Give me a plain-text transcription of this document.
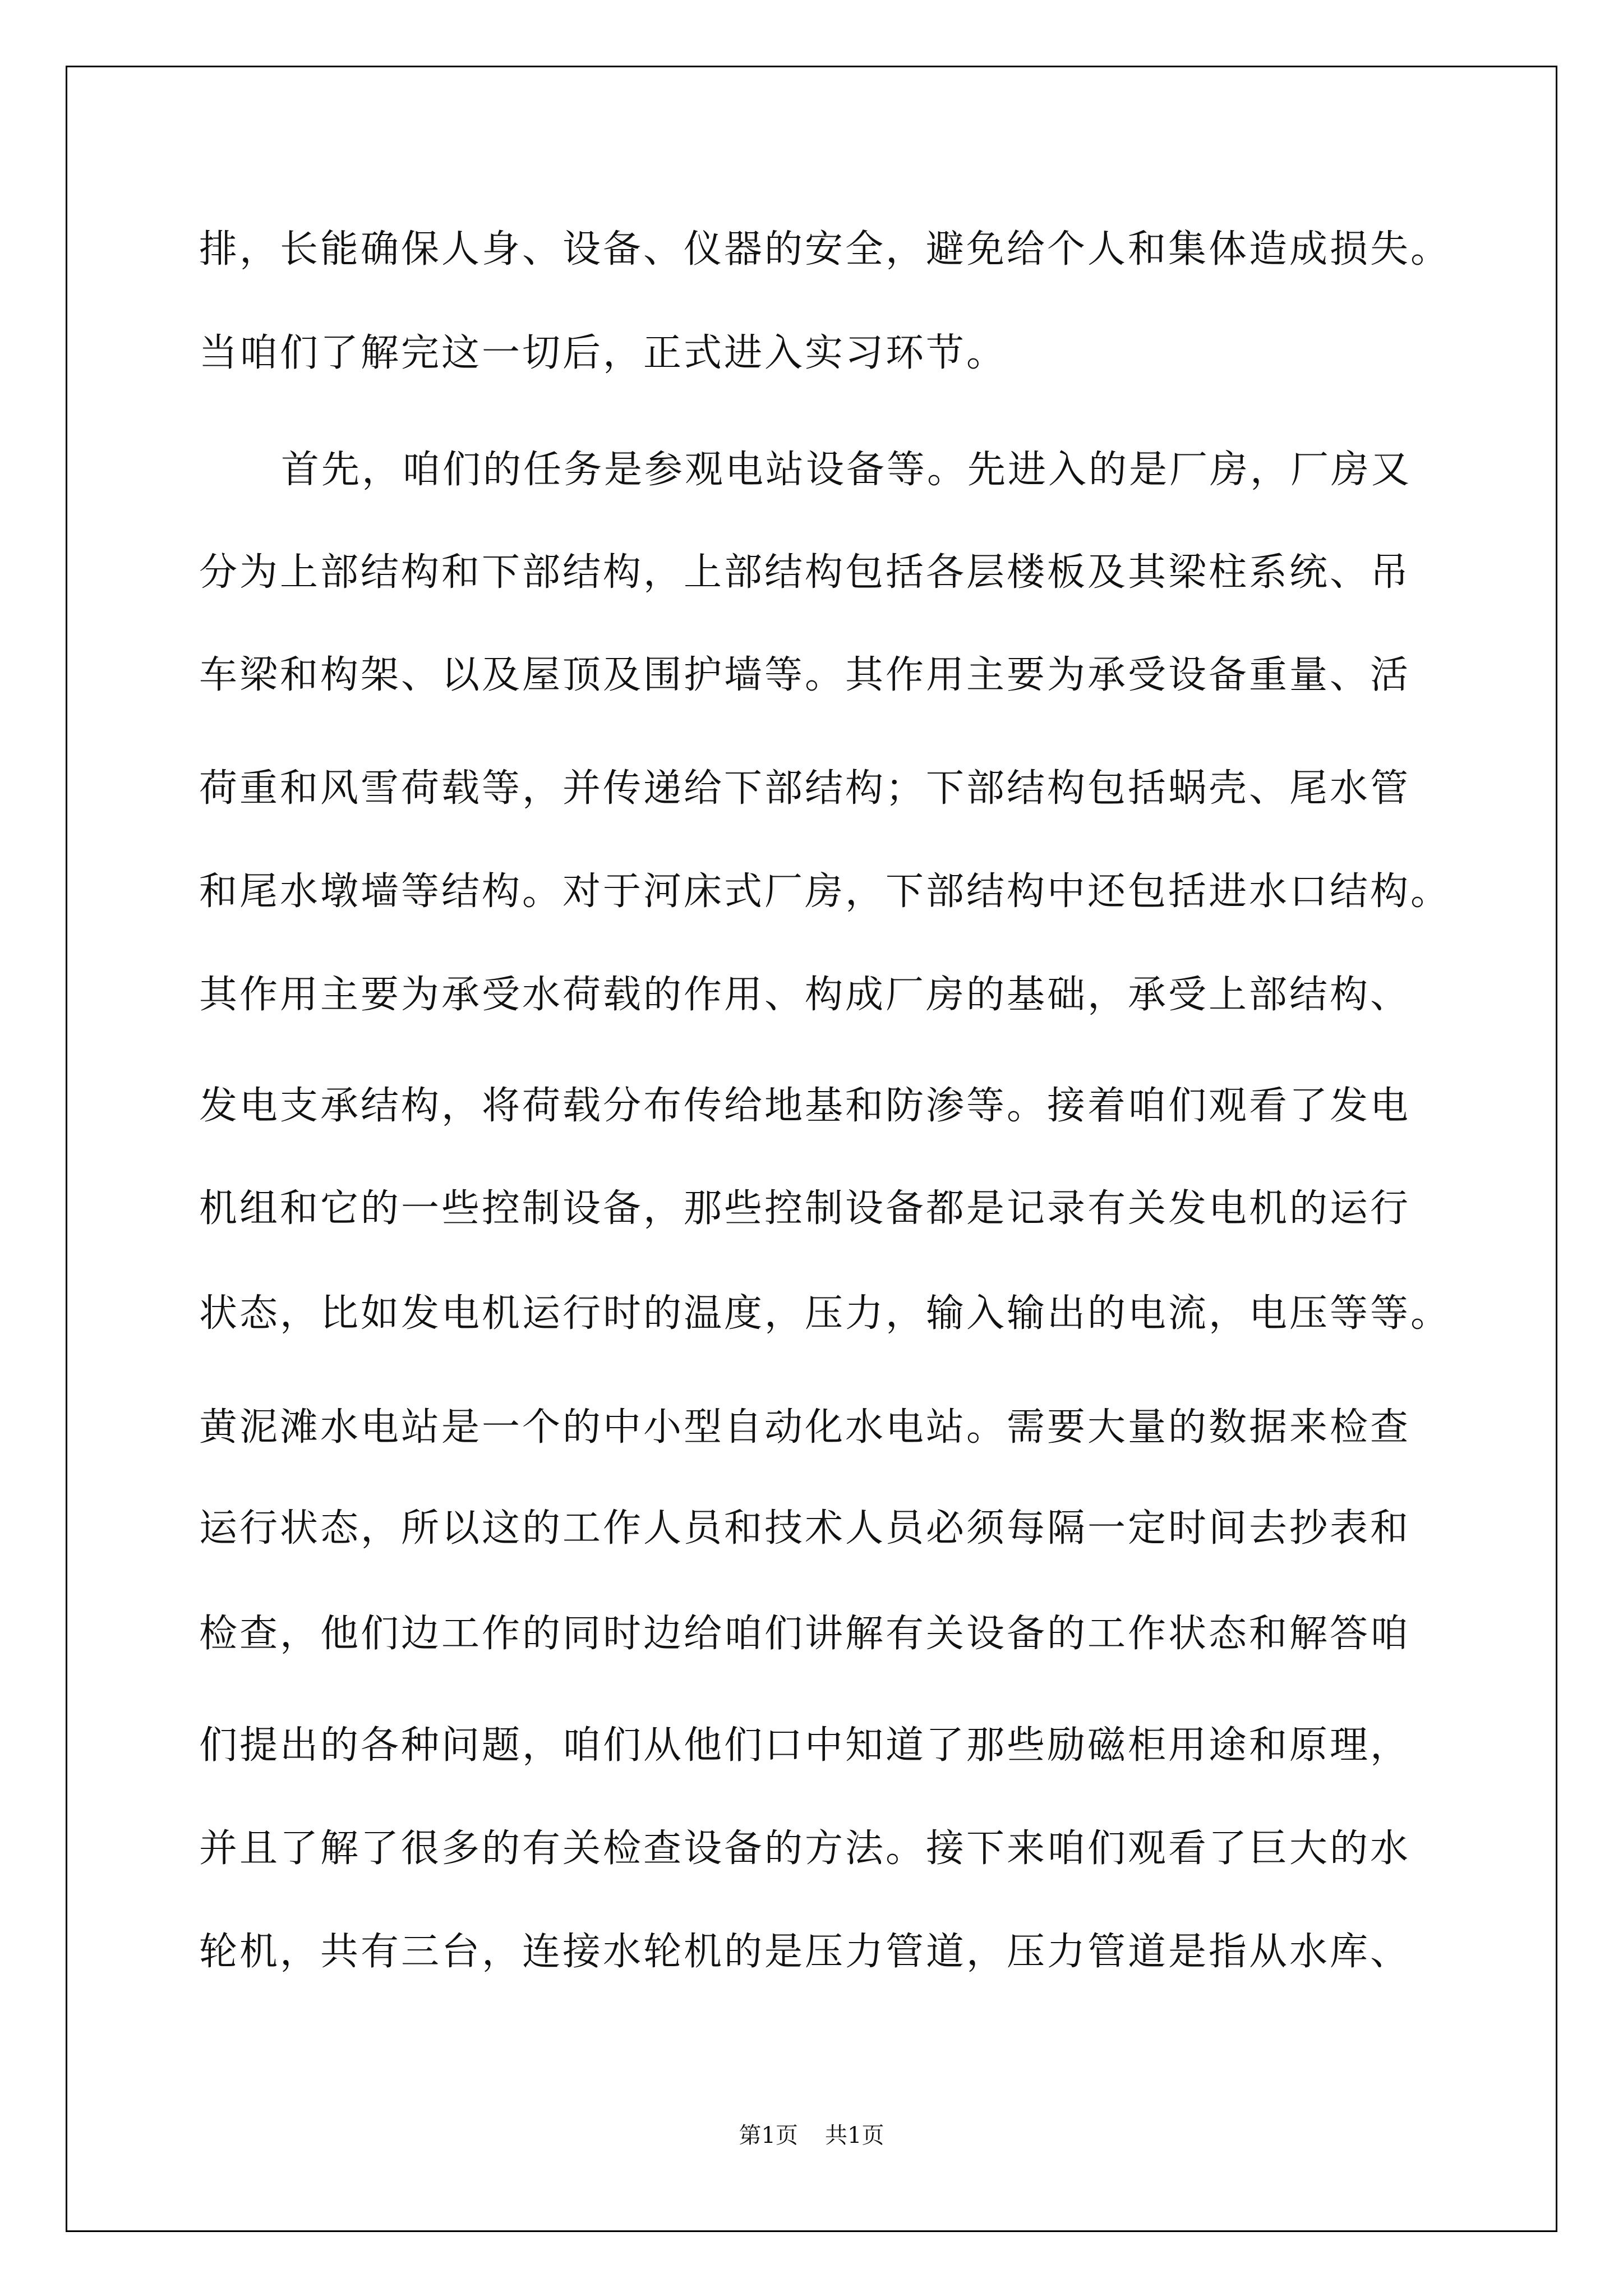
排，长能确保人身、设备、仪器的安全，避免给个人和集体造成损失。
当咱们了解完这一切后，正式进入实习环节。
首先，咱们的任务是参观电站设备等。先进入的是厂房，厂房又
分为上部结构和下部结构，上部结构包括各层楼板及其梁柱系统、吊
车梁和构架、以及屋顶及围护墙等。其作用主要为承受设备重量、活
荷重和风雪荷载等，并传递给下部结构；下部结构包括蜗壳、尾水管
和尾水墩墙等结构。对于河床式厂房，下部结构中还包括进水口结构。
其作用主要为承受水荷载的作用、构成厂房的基础，承受上部结构、
发电支承结构，将荷载分布传给地基和防渗等。接着咱们观看了发电
机组和它的一些控制设备，那些控制设备都是记录有关发电机的运行
状态，比如发电机运行时的温度，压力，输入输出的电流，电压等等。
黄泥滩水电站是一个的中小型自动化水电站。需要大量的数据来检查
运行状态，所以这的工作人员和技术人员必须每隔一定时间去抄表和
检查，他们边工作的同时边给咱们讲解有关设备的工作状态和解答咱
们提出的各种问题，咱们从他们口中知道了那些励磁柜用途和原理，
并且了解了很多的有关检查设备的方法。接下来咱们观看了巨大的水
轮机，共有三台，连接水轮机的是压力管道，压力管道是指从水库、
第1页 共1页
